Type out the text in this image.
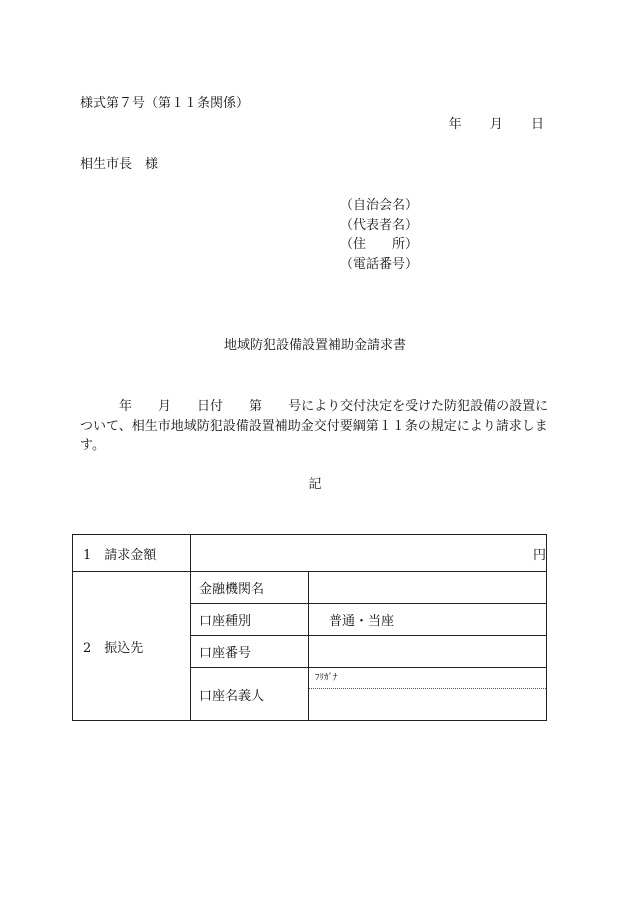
様式第７号（第１１条関係）
年 月 日
相生市長　様
（自治会名）
（代表者名）
（住　　所）
（電話番号）
地域防犯設備設置補助金請求書
年 月 日付 第 号により交付決定を受けた防犯設備の設置について、相生市地域防犯設備設置補助金交付要綱第１１条の規定により請求します。
記
1　請求金額	円	
2　振込先	金融機関名	
	口座種別	普通・当座
	口座番号	
	口座名義人	ﾌﾘｶﾞﾅ
